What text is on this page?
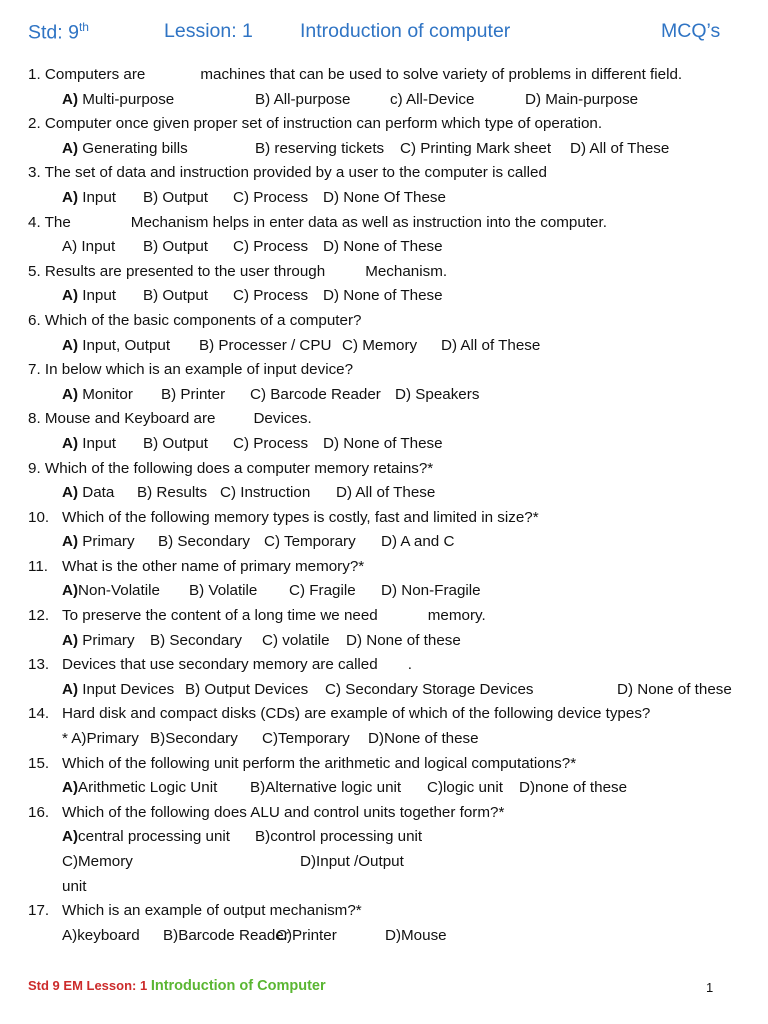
Std: 9th	Lession: 1 Introduction of computer	MCQ’s
1. Computers are	machines that can be used to solve variety of problems in different field.
A) Multi-purpose	B) All-purpose	c) All-Device	D) Main-purpose
2. Computer once given proper set of instruction can perform which type of operation.
A) Generating bills	B) reserving tickets C) Printing Mark sheet D) All of These
3. The set of data and instruction provided by a user to the computer is called
A) Input B) Output C) Process D) None Of These
4. The	Mechanism helps in enter data as well as instruction into the computer.
A) Input B) Output C) Process D) None of These
5. Results are presented to the user through	Mechanism.
A) Input B) Output C) Process D) None of These
6. Which of the basic components of a computer?
A) Input, Output B) Processer / CPU C) Memory D) All of These
7. In below which is an example of input device?
A) Monitor B) Printer C) Barcode Reader D) Speakers
8. Mouse and Keyboard are	Devices.
A) Input B) Output C) Process D) None of These
9. Which of the following does a computer memory retains?*
A) Data B) Results C) Instruction D) All of These
10. Which of the following memory types is costly, fast and limited in size?*
A) Primary B) Secondary C) Temporary D) A and C
11. What is the other name of primary memory?*
A)Non-Volatile B) Volatile C) Fragile D) Non-Fragile
12. To preserve the content of a long time we need	memory.
A) Primary B) Secondary C) volatile D) None of these
13. Devices that use secondary memory are called .
A) Input Devices B) Output Devices C) Secondary Storage Devices	D) None of these
14. Hard disk and compact disks (CDs) are example of which of the following device types?
* A)Primary B)Secondary C)Temporary D)None of these
15. Which of the following unit perform the arithmetic and logical computations?*
A)Arithmetic Logic Unit B)Alternative logic unit C)logic unit D)none of these
16. Which of the following does ALU and control units together form?*
A)central processing unit B)control processing unit
C)Memory	D)Input /Output
unit
17. Which is an example of output mechanism?*
A)keyboard B)Barcode Reader
C)Printer	D)Mouse
Std 9 EM Lesson: 1 Introduction of Computer	1
